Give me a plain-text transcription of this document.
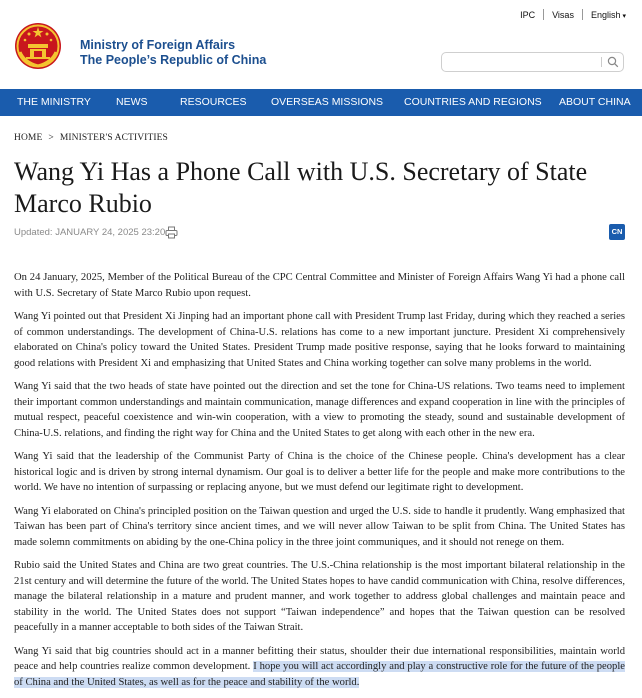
IPC Visas English ▾
Ministry of Foreign Affairs
The People’s Republic of China
THE MINISTRY NEWS	RESOURCES OVERSEAS MISSIONS COUNTRIES AND REGIONS ABOUT CHINA
HOME > MINISTER'S ACTIVITIES
Wang Yi Has a Phone Call with U.S. Secretary of State Marco Rubio
Updated: JANUARY 24, 2025 23:20	CN

On 24 January, 2025, Member of the Political Bureau of the CPC Central Committee and Minister of Foreign Affairs Wang Yi had a phone call with U.S. Secretary of State Marco Rubio upon request.

Wang Yi pointed out that President Xi Jinping had an important phone call with President Trump last Friday, during which they reached a series of common understandings. The development of China-U.S. relations has come to a new important juncture. President Xi comprehensively elaborated on China's policy toward the United States. President Trump made positive response, saying that he looks forward to maintaining good relations with President Xi and emphasizing that United States and China working together can solve many problems in the world.

Wang Yi said that the two heads of state have pointed out the direction and set the tone for China-US relations. Two teams need to implement their important common understandings and maintain communication, manage differences and expand cooperation in line with the principles of mutual respect, peaceful coexistence and win-win cooperation, with a view to promoting the steady, sound and sustainable development of China-U.S. relations, and finding the right way for China and the United States to get along with each other in the new era.

Wang Yi said that the leadership of the Communist Party of China is the choice of the Chinese people. China's development has a clear historical logic and is driven by strong internal dynamism. Our goal is to deliver a better life for the people and make more contributions to the world. We have no intention of surpassing or replacing anyone, but we must defend our legitimate right to development.

Wang Yi elaborated on China's principled position on the Taiwan question and urged the U.S. side to handle it prudently. Wang emphasized that Taiwan has been part of China's territory since ancient times, and we will never allow Taiwan to be split from China. The United States has made solemn commitments on abiding by the one-China policy in the three joint communiques, and it should not renege on them.

Rubio said the United States and China are two great countries. The U.S.-China relationship is the most important bilateral relationship in the 21st century and will determine the future of the world. The United States hopes to have candid communication with China, resolve differences, manage the bilateral relationship in a mature and prudent manner, and work together to address global challenges and maintain peace and stability in the world. The United States does not support “Taiwan independence” and hopes that the Taiwan question can be resolved peacefully in a manner acceptable to both sides of the Taiwan Strait.

Wang Yi said that big countries should act in a manner befitting their status, shoulder their due international responsibilities, maintain world peace and help countries realize common development. I hope you will act accordingly and play a constructive role for the future of the people of China and the United States, as well as for the peace and stability of the world.
